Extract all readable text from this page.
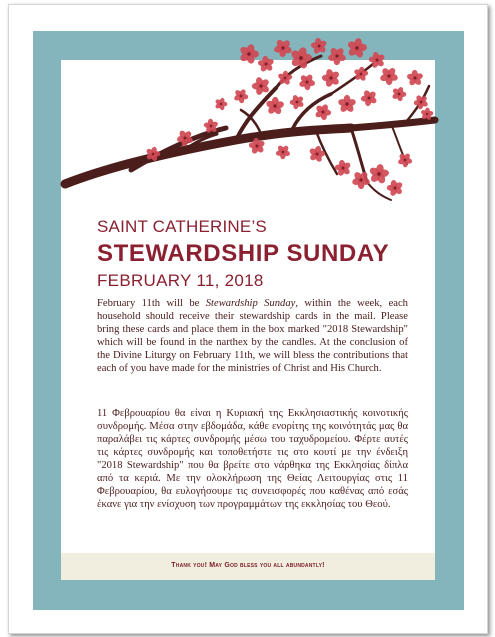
SAINT CATHERINE’S
STEWARDSHIP SUNDAY
FEBRUARY 11, 2018
February 11th will be Stewardship Sunday, within the week, each household should receive their stewardship cards in the mail. Please bring these cards and place them in the box marked "2018 Stewardship" which will be found in the narthex by the candles. At the conclusion of the Divine Liturgy on February 11th, we will bless the contributions that each of you have made for the ministries of Christ and His Church.
11 Φεβρουαρίου θα είναι η Κυριακή της Εκκλησιαστικής κοινοτικής συνδρομής. Μέσα στην εβδομάδα, κάθε ενορίτης της κοινότητάς μας θα παραλάβει τις κάρτες συνδρομής μέσω του ταχυδρομείου. Φέρτε αυτές τις κάρτες συνδρομής και τοποθετήστε τις στο κουτί με την ένδειξη "2018 Stewardship" που θα βρείτε στο νάρθηκα της Εκκλησίας δίπλα από τα κεριά. Με την ολοκλήρωση της Θείας Λειτουργίας στις 11 Φεβρουαρίου, θα ευλογήσουμε τις συνεισφορές που καθένας από εσάς έκανε για την ενίσχυση των προγραμμάτων της εκκλησίας του Θεού.
Thank you! May God bless you all abundantly!
